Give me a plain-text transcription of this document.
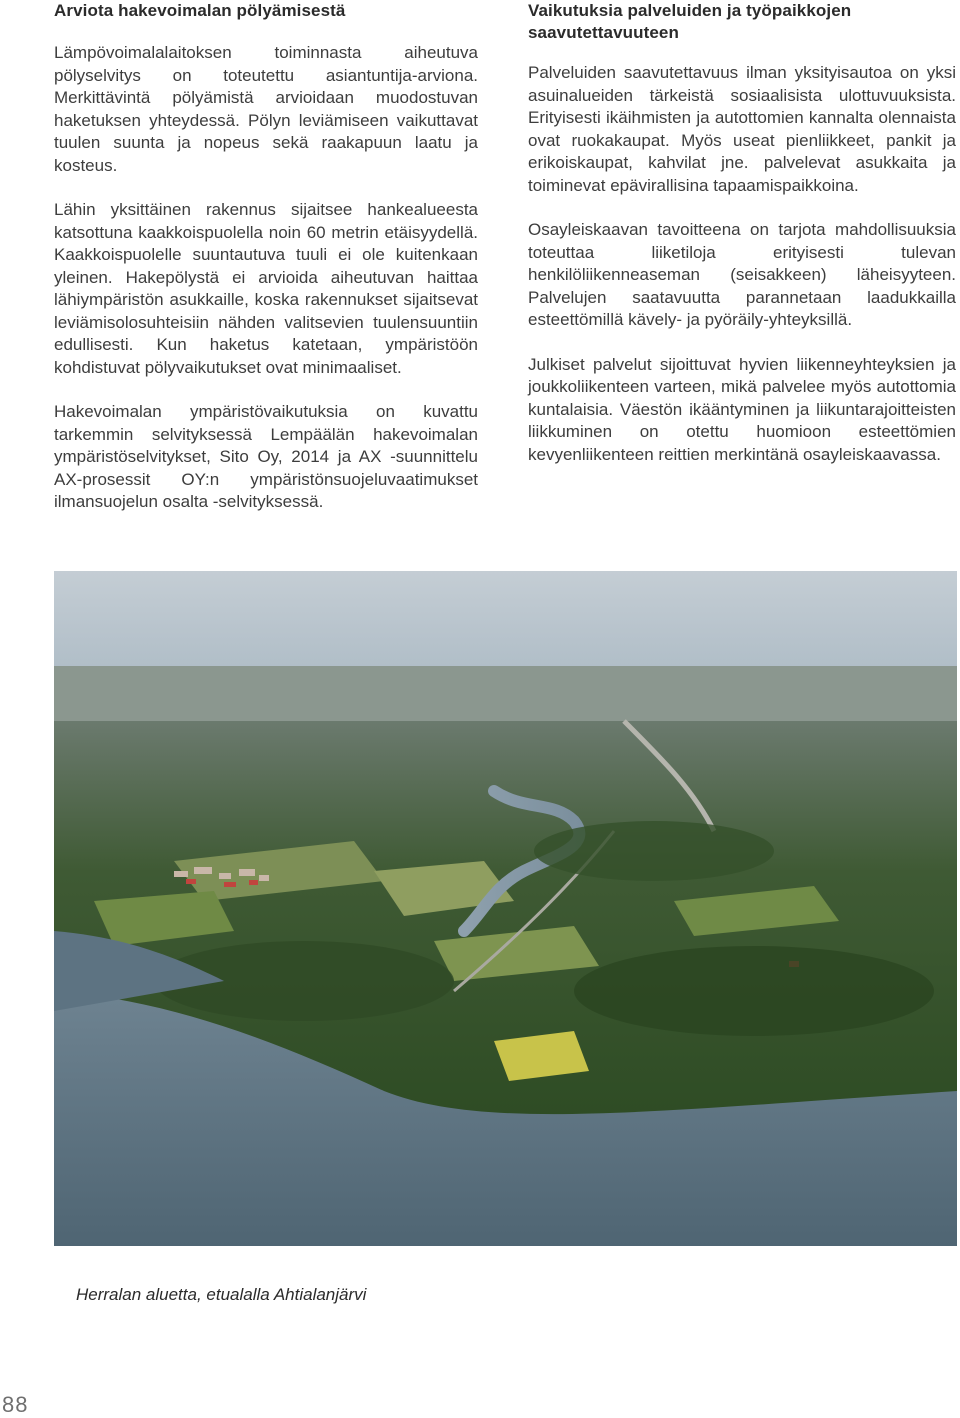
Arviota hakevoimalan pölyämisestä

Lämpövoimalalaitoksen toiminnasta aiheutuva pölyselvitys on toteutettu asiantuntija-arviona. Merkittävintä pölyämistä arvioidaan muodostuvan haketuksen yhteydessä. Pölyn leviämiseen vaikuttavat tuulen suunta ja nopeus sekä raakapuun laatu ja kosteus.

Lähin yksittäinen rakennus sijaitsee hankealueesta katsottuna kaakkoispuolella noin 60 metrin etäisyydellä. Kaakkoispuolelle suuntautuva tuuli ei ole kuitenkaan yleinen. Hakepölystä ei arvioida aiheutuvan haittaa lähiympäristön asukkaille, koska rakennukset sijaitsevat leviämisolosuhteisiin nähden valitsevien tuulensuuntiin edullisesti. Kun haketus katetaan, ympäristöön kohdistuvat pölyvaikutukset ovat minimaaliset.

Hakevoimalan ympäristövaikutuksia on kuvattu tarkemmin selvityksessä Lempäälän hakevoimalan ympäristöselvitykset, Sito Oy, 2014 ja AX -suunnittelu AX-prosessit OY:n ympäristönsuojeluvaatimukset ilmansuojelun osalta -selvityksessä.

Vaikutuksia palveluiden ja työpaikkojen saavutettavuuteen

Palveluiden saavutettavuus ilman yksityisautoa on yksi asuinalueiden tärkeistä sosiaalisista ulottuvuuksista. Erityisesti ikäihmisten ja autottomien kannalta olennaista ovat ruokakaupat. Myös useat pienliikkeet, pankit ja erikoiskaupat, kahvilat jne. palvelevat asukkaita ja toiminevat epävirallisina tapaamispaikkoina.

Osayleiskaavan tavoitteena on tarjota mahdollisuuksia toteuttaa liiketiloja erityisesti tulevan henkilöliikenneaseman (seisakkeen) läheisyyteen. Palvelujen saatavuutta parannetaan laadukkailla esteettömillä kävely- ja pyöräily-yhteyksillä.

Julkiset palvelut sijoittuvat hyvien liikenneyhteyksien ja joukkoliikenteen varteen, mikä palvelee myös autottomia kuntalaisia. Väestön ikääntyminen ja liikuntarajoitteisten liikkuminen on otettu huomioon esteettömien kevyenliikenteen reittien merkintänä osayleiskaavassa.

Herralan aluetta, etualalla Ahtialanjärvi

88
